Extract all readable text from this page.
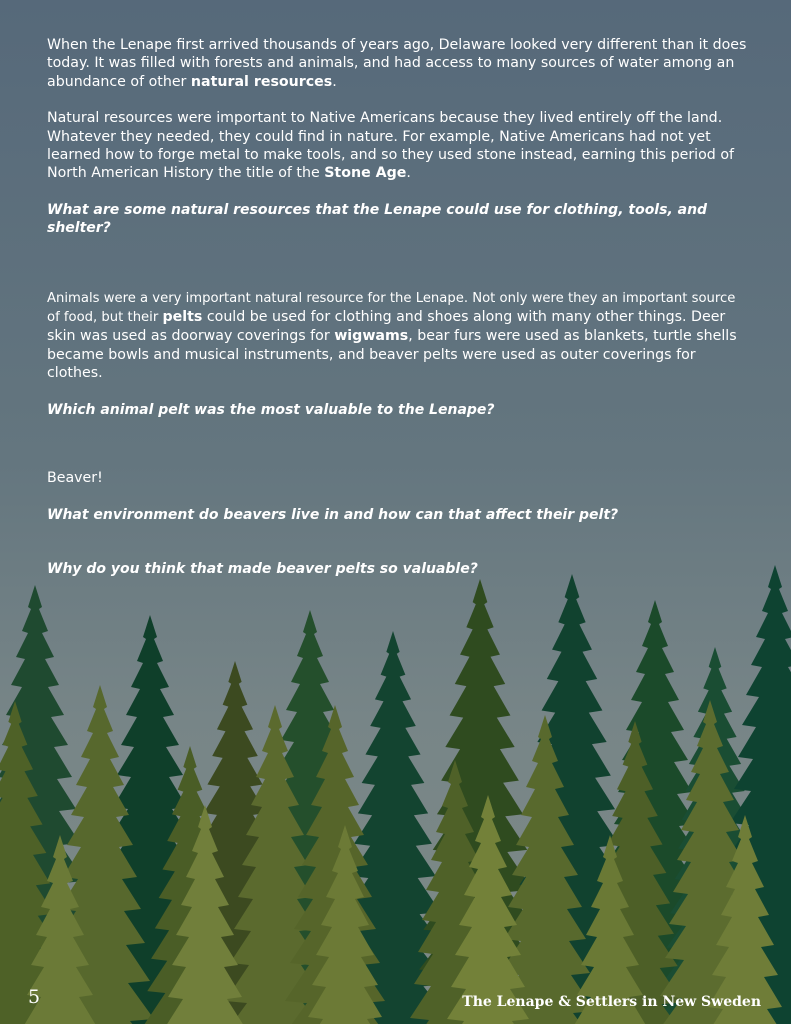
When the Lenape first arrived thousands of years ago, Delaware looked very different than it does today. It was filled with forests and animals, and had access to many sources of water among an abundance of other natural resources.

Natural resources were important to Native Americans because they lived entirely off the land. Whatever they needed, they could find in nature. For example, Native Americans had not yet learned how to forge metal to make tools, and so they used stone instead, earning this period of North American History the title of the Stone Age.

What are some natural resources that the Lenape could use for clothing, tools, and shelter?

Animals were a very important natural resource for the Lenape. Not only were they an important source of food, but their pelts could be used for clothing and shoes along with many other things. Deer skin was used as doorway coverings for wigwams, bear furs were used as blankets, turtle shells became bowls and musical instruments, and beaver pelts were used as outer coverings for clothes.

Which animal pelt was the most valuable to the Lenape?

Beaver!

What environment do beavers live in and how can that affect their pelt?

Why do you think that made beaver pelts so valuable?

5	The Lenape & Settlers in New Sweden
